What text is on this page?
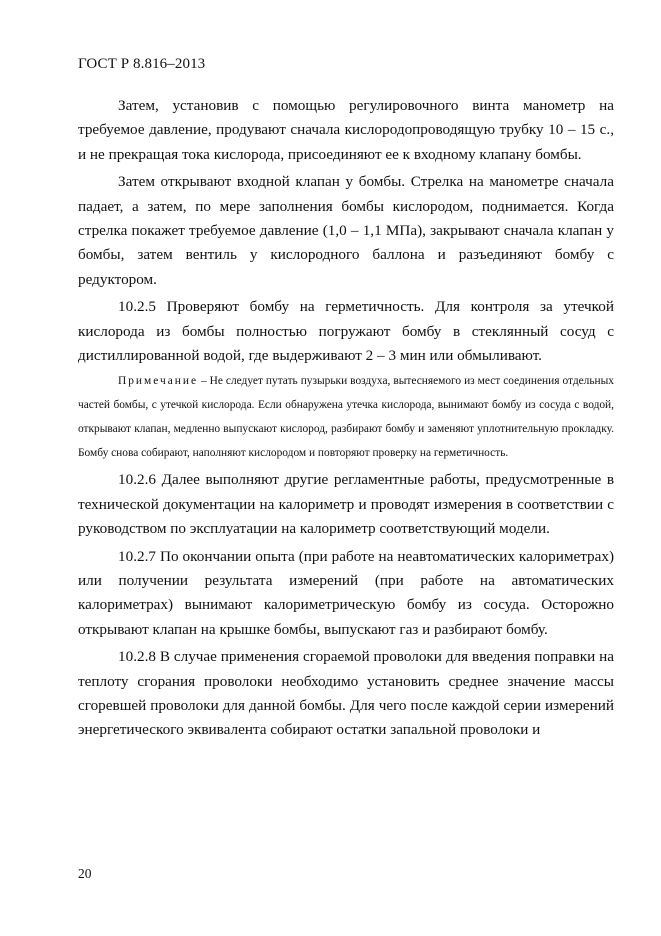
ГОСТ Р 8.816–2013

Затем, установив с помощью регулировочного винта манометр на требуемое давление, продувают сначала кислородопроводящую трубку 10 – 15 с., и не прекращая тока кислорода, присоединяют ее к входному клапану бомбы.

Затем открывают входной клапан у бомбы. Стрелка на манометре сначала падает, а затем, по мере заполнения бомбы кислородом, поднимается. Когда стрелка покажет требуемое давление (1,0 – 1,1 МПа), закрывают сначала клапан у бомбы, затем вентиль у кислородного баллона и разъединяют бомбу с редуктором.

10.2.5 Проверяют бомбу на герметичность. Для контроля за утечкой кислорода из бомбы полностью погружают бомбу в стеклянный сосуд с дистиллированной водой, где выдерживают 2 – 3 мин или обмыливают.

Примечание – Не следует путать пузырьки воздуха, вытесняемого из мест соединения отдельных частей бомбы, с утечкой кислорода. Если обнаружена утечка кислорода, вынимают бомбу из сосуда с водой, открывают клапан, медленно выпускают кислород, разбирают бомбу и заменяют уплотнительную прокладку. Бомбу снова собирают, наполняют кислородом и повторяют проверку на герметичность.

10.2.6 Далее выполняют другие регламентные работы, предусмотренные в технической документации на калориметр и проводят измерения в соответствии с руководством по эксплуатации на калориметр соответствующий модели.

10.2.7 По окончании опыта (при работе на неавтоматических калориметрах) или получении результата измерений (при работе на автоматических калориметрах) вынимают калориметрическую бомбу из сосуда. Осторожно открывают клапан на крышке бомбы, выпускают газ и разбирают бомбу.

10.2.8 В случае применения сгораемой проволоки для введения поправки на теплоту сгорания проволоки необходимо установить среднее значение массы сгоревшей проволоки для данной бомбы. Для чего после каждой серии измерений энергетического эквивалента собирают остатки запальной проволоки и

20
